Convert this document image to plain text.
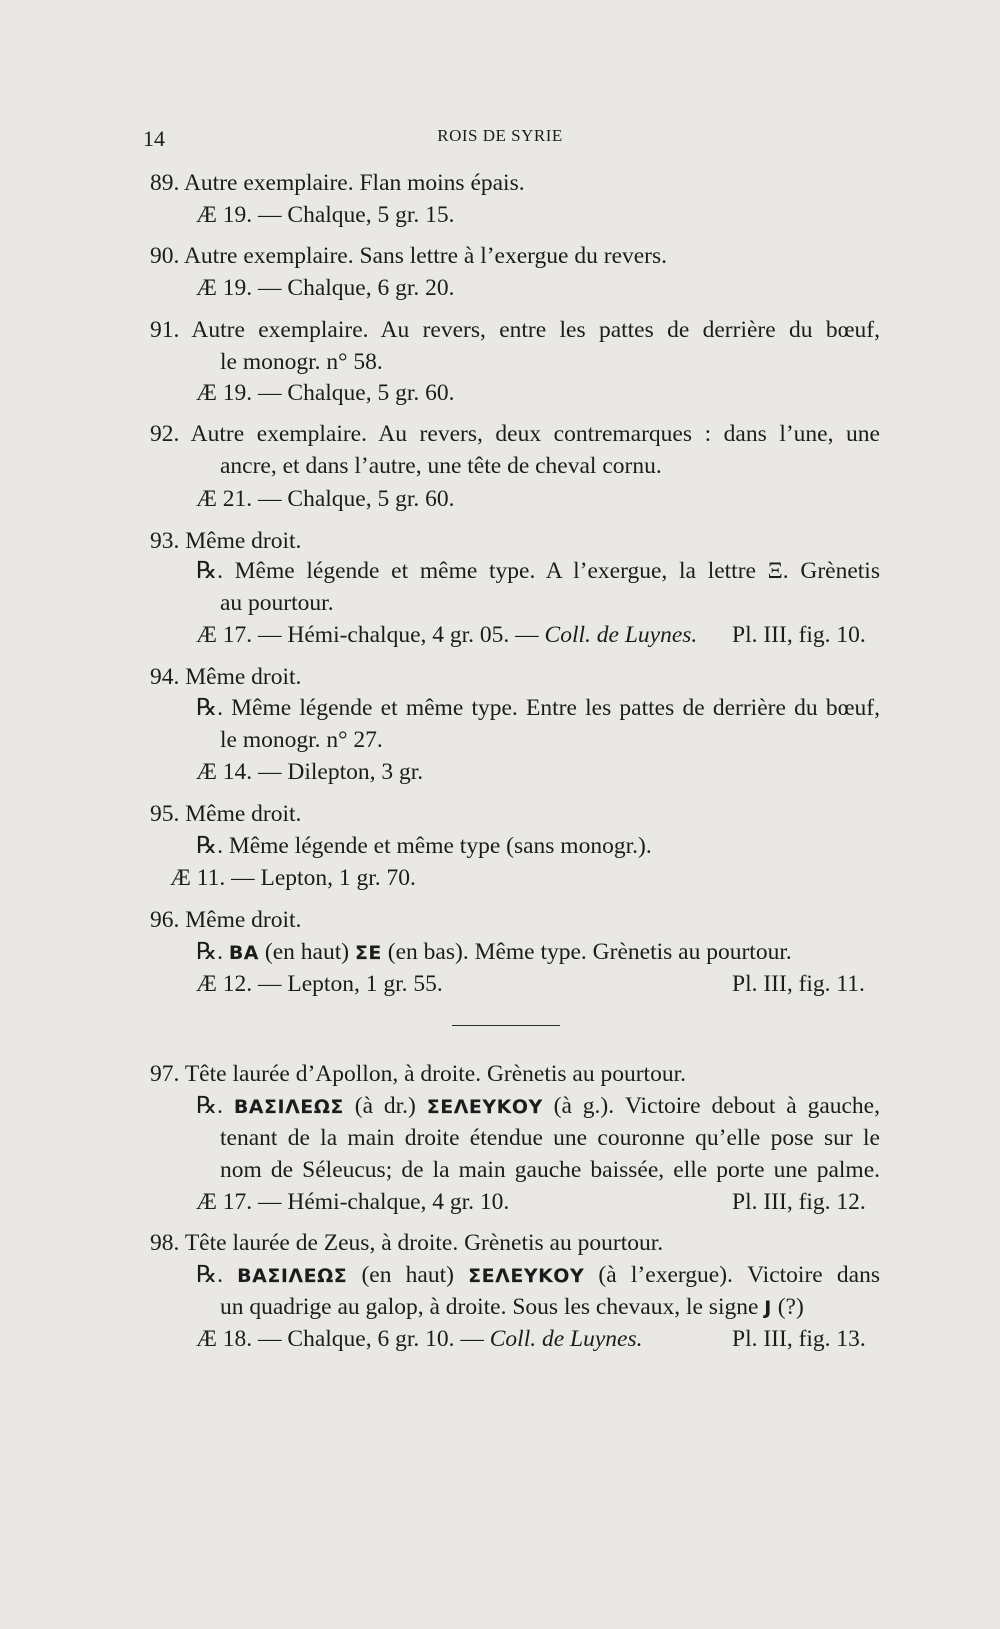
14	ROIS DE SYRIE
89. Autre exemplaire. Flan moins épais.
Æ 19. — Chalque, 5 gr. 15.
90. Autre exemplaire. Sans lettre à l’exergue du revers.
Æ 19. — Chalque, 6 gr. 20.
91. Autre exemplaire. Au revers, entre les pattes de derrière du bœuf,
le monogr. n° 58.
Æ 19. — Chalque, 5 gr. 60.
92. Autre exemplaire. Au revers, deux contremarques : dans l’une, une
ancre, et dans l’autre, une tête de cheval cornu.
Æ 21. — Chalque, 5 gr. 60.
93. Même droit.
℞. Même légende et même type. A l’exergue, la lettre Ξ. Grènetis
au pourtour.
Æ 17. — Hémi-chalque, 4 gr. 05. — Coll. de Luynes. Pl. III, fig. 10.
94. Même droit.
℞. Même légende et même type. Entre les pattes de derrière du bœuf,
le monogr. n° 27.
Æ 14. — Dilepton, 3 gr.
95. Même droit.
℞. Même légende et même type (sans monogr.).
Æ 11. — Lepton, 1 gr. 70.
96. Même droit.
℞. ΒΑ (en haut) ΣΕ (en bas). Même type. Grènetis au pourtour.
Æ 12. — Lepton, 1 gr. 55.	Pl. III, fig. 11.
97. Tête laurée d’Apollon, à droite. Grènetis au pourtour.
℞. ΒΑΣΙΛΕΩΣ (à dr.) ΣΕΛΕΥΚΟΥ (à g.). Victoire debout à gauche,
tenant de la main droite étendue une couronne qu’elle pose sur le
nom de Séleucus; de la main gauche baissée, elle porte une palme.
Æ 17. — Hémi-chalque, 4 gr. 10.	Pl. III, fig. 12.
98. Tête laurée de Zeus, à droite. Grènetis au pourtour.
℞. ΒΑΣΙΛΕΩΣ (en haut) ΣΕΛΕΥΚΟΥ (à l’exergue). Victoire dans
un quadrige au galop, à droite. Sous les chevaux, le signe J (?)
Æ 18. — Chalque, 6 gr. 10. — Coll. de Luynes.	Pl. III, fig. 13.
